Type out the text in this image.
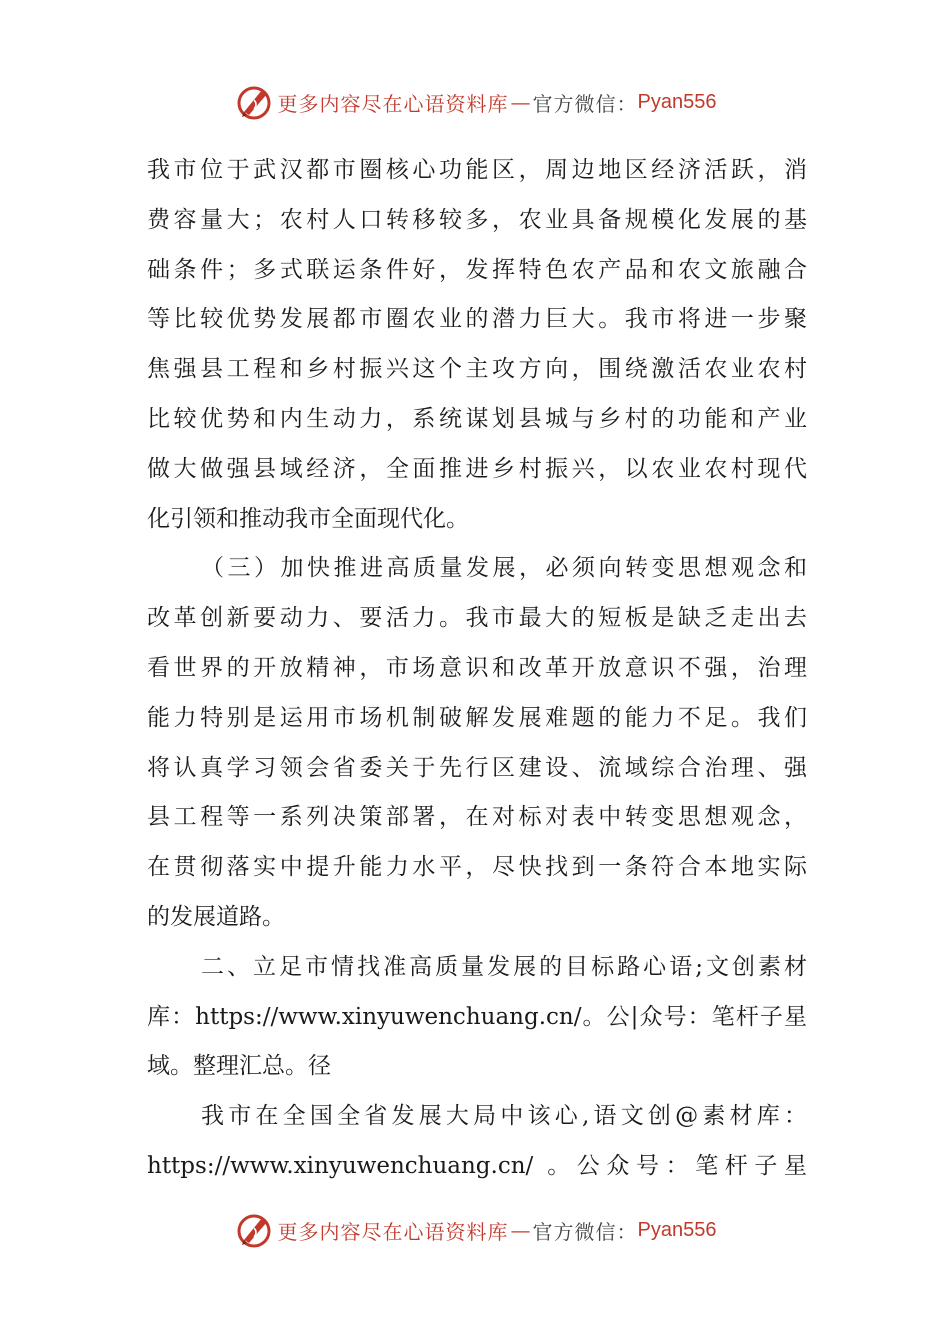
更多内容尽在心语资料库 — 官方微信： Pyan556
我市位于武汉都市圈核心功能区，周边地区经济活跃，消
费容量大；农村人口转移较多，农业具备规模化发展的基
础条件；多式联运条件好，发挥特色农产品和农文旅融合
等比较优势发展都市圈农业的潜力巨大。我市将进一步聚
焦强县工程和乡村振兴这个主攻方向，围绕激活农业农村
比较优势和内生动力，系统谋划县城与乡村的功能和产业
做大做强县域经济，全面推进乡村振兴，以农业农村现代
化引领和推动我市全面现代化。
（三）加快推进高质量发展，必须向转变思想观念和
改革创新要动力、要活力。我市最大的短板是缺乏走出去
看世界的开放精神，市场意识和改革开放意识不强，治理
能力特别是运用市场机制破解发展难题的能力不足。我们
将认真学习领会省委关于先行区建设、流域综合治理、强
县工程等一系列决策部署，在对标对表中转变思想观念，
在贯彻落实中提升能力水平，尽快找到一条符合本地实际
的发展道路。
二、立足市情找准高质量发展的目标路心语;文创素材
库：https://www.xinyuwenchuang.cn/。公|众号：笔杆子星
域。整理汇总。径
我市在全国全省发展大局中该心,语文创@素材库：
https://www.xinyuwenchuang.cn/ 。公众号：笔杆子星
更多内容尽在心语资料库 — 官方微信： Pyan556
